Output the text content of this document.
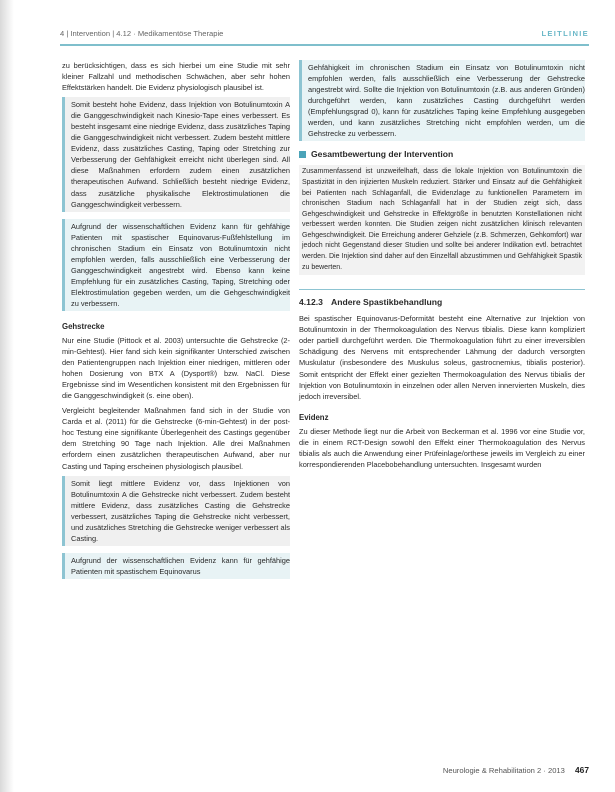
4 | Intervention | 4.12 · Medikamentöse Therapie	LEITLINIE

zu berücksichtigen, dass es sich hierbei um eine Studie mit sehr kleiner Fallzahl und methodischen Schwächen, aber sehr hohen Effektstärken handelt. Die Evidenz physiologisch plausibel ist.

Somit besteht hohe Evidenz, dass Injektion von Botulinumtoxin A die Ganggeschwindigkeit nach Kinesio-Tape eines verbessert. Es besteht insgesamt eine niedrige Evidenz, dass zusätzliches Taping die Ganggeschwindigkeit nicht verbessert. Zudem besteht mittlere Evidenz, dass zusätzliches Casting, Taping oder Stretching zur Verbesserung der Gehfähigkeit erreicht nicht überlegen sind. All diese Maßnahmen erfordern zudem einen zusätzlichen therapeutischen Aufwand. Schließlich besteht niedrige Evidenz, dass zusätzliche physikalische Elektrostimulationen die Ganggeschwindigkeit verbessern.

Aufgrund der wissenschaftlichen Evidenz kann für gehfähige Patienten mit spastischer Equinovarus-Fußfehlstellung im chronischen Stadium ein Einsatz von Botulinumtoxin nicht empfohlen werden, falls ausschließlich eine Verbesserung der Ganggeschwindigkeit angestrebt wird. Ebenso kann keine Empfehlung für ein zusätzliches Casting, Taping, Stretching oder Elektrostimulation gegeben werden, um die Gehgeschwindigkeit zu verbessern.

Gehstrecke

Nur eine Studie (Pittock et al. 2003) untersuchte die Gehstrecke (2-min-Gehtest). Hier fand sich kein signifikanter Unterschied zwischen den Patientengruppen nach Injektion einer niedrigen, mittleren oder hohen Dosierung von BTX A (Dysport®) bzw. NaCl. Diese Ergebnisse sind im Wesentlichen konsistent mit den Ergebnissen für die Ganggeschwindigkeit (s. eine oben).

Vergleicht begleitender Maßnahmen fand sich in der Studie von Carda et al. (2011) für die Gehstrecke (6-min-Gehtest) in der post-hoc Testung eine signifikante Überlegenheit des Castings gegenüber dem Stretching 90 Tage nach Injektion. Alle drei Maßnahmen erfordern einen zusätzlichen therapeutischen Aufwand, aber nur Casting und Taping erscheinen physiologisch plausibel.

Somit liegt mittlere Evidenz vor, dass Injektionen von Botulinumtoxin A die Gehstrecke nicht verbessert. Zudem besteht mittlere Evidenz, dass zusätzliches Casting die Gehstrecke verbessert, zusätzliches Taping die Gehstrecke nicht verbessert, und zusätzliches Stretching die Gehstrecke weniger verbessert als Casting.

Aufgrund der wissenschaftlichen Evidenz kann für gehfähige Patienten mit spastischem Equinovarus

Gehfähigkeit im chronischen Stadium ein Einsatz von Botulinumtoxin nicht empfohlen werden, falls ausschließlich eine Verbesserung der Gehstrecke angestrebt wird. Sollte die Injektion von Botulinumtoxin (z.B. aus anderen Gründen) durchgeführt werden, kann zusätzliches Casting durchgeführt werden (Empfehlungsgrad 0), kann für zusätzliches Taping keine Empfehlung ausgegeben werden, und kann zusätzliches Stretching nicht empfohlen werden, um die Gehstrecke zu verbessern.

Gesamtbewertung der Intervention

Zusammenfassend ist unzweifelhaft, dass die lokale Injektion von Botulinumtoxin die Spastizität in den injizierten Muskeln reduziert. Stärker und Einsatz auf die Gehfähigkeit bei Patienten nach Schlaganfall, die Evidenzlage zu funktionellen Parametern im chronischen Stadium nach Schlaganfall hat in der Studien zeigt sich, dass Gehgeschwindigkeit und Gehstrecke in Effektgröße in benutzten Konstellationen nicht verbessert werden konnten. Die Studien zeigen nicht zusätzlichen klinisch relevanten Gehgeschwindigkeit. Die Erreichung anderer Gehziele (z.B. Schmerzen, Gehkomfort) war jedoch nicht Gegenstand dieser Studien und sollte bei anderer Indikation evtl. betrachtet werden. Die Injektion sind daher auf den Einzelfall abzustimmen und Gehfähigkeit Spastik zu bewerten.

4.12.3 Andere Spastikbehandlung

Bei spastischer Equinovarus-Deformität besteht eine Alternative zur Injektion von Botulinumtoxin in der Thermokoagulation des Nervus tibialis. Diese kann kompliziert oder partiell durchgeführt werden. Die Thermokoagulation führt zu einer irreversiblen Schädigung des Nervens mit entsprechender Lähmung der dadurch versorgten Muskulatur (insbesondere des Muskulus soleus, gastrocnemius, tibialis posterior). Somit entspricht der Effekt einer gezielten Thermokoagulation des Nervus tibialis der Injektion von Botulinumtoxin in einzelnen oder allen Nerven innervierten Muskeln, dies jedoch irreversibel.

Evidenz

Zu dieser Methode liegt nur die Arbeit von Beckerman et al. 1996 vor eine Studie vor, die in einem RCT-Design sowohl den Effekt einer Thermokoagulation des Nervus tibialis als auch die Anwendung einer Prüfeinlage/orthese jeweils im Vergleich zu einer korrespondierenden Placebobehandlung untersuchten. Insgesamt wurden

Neurologie & Rehabilitation 2 · 2013 467
